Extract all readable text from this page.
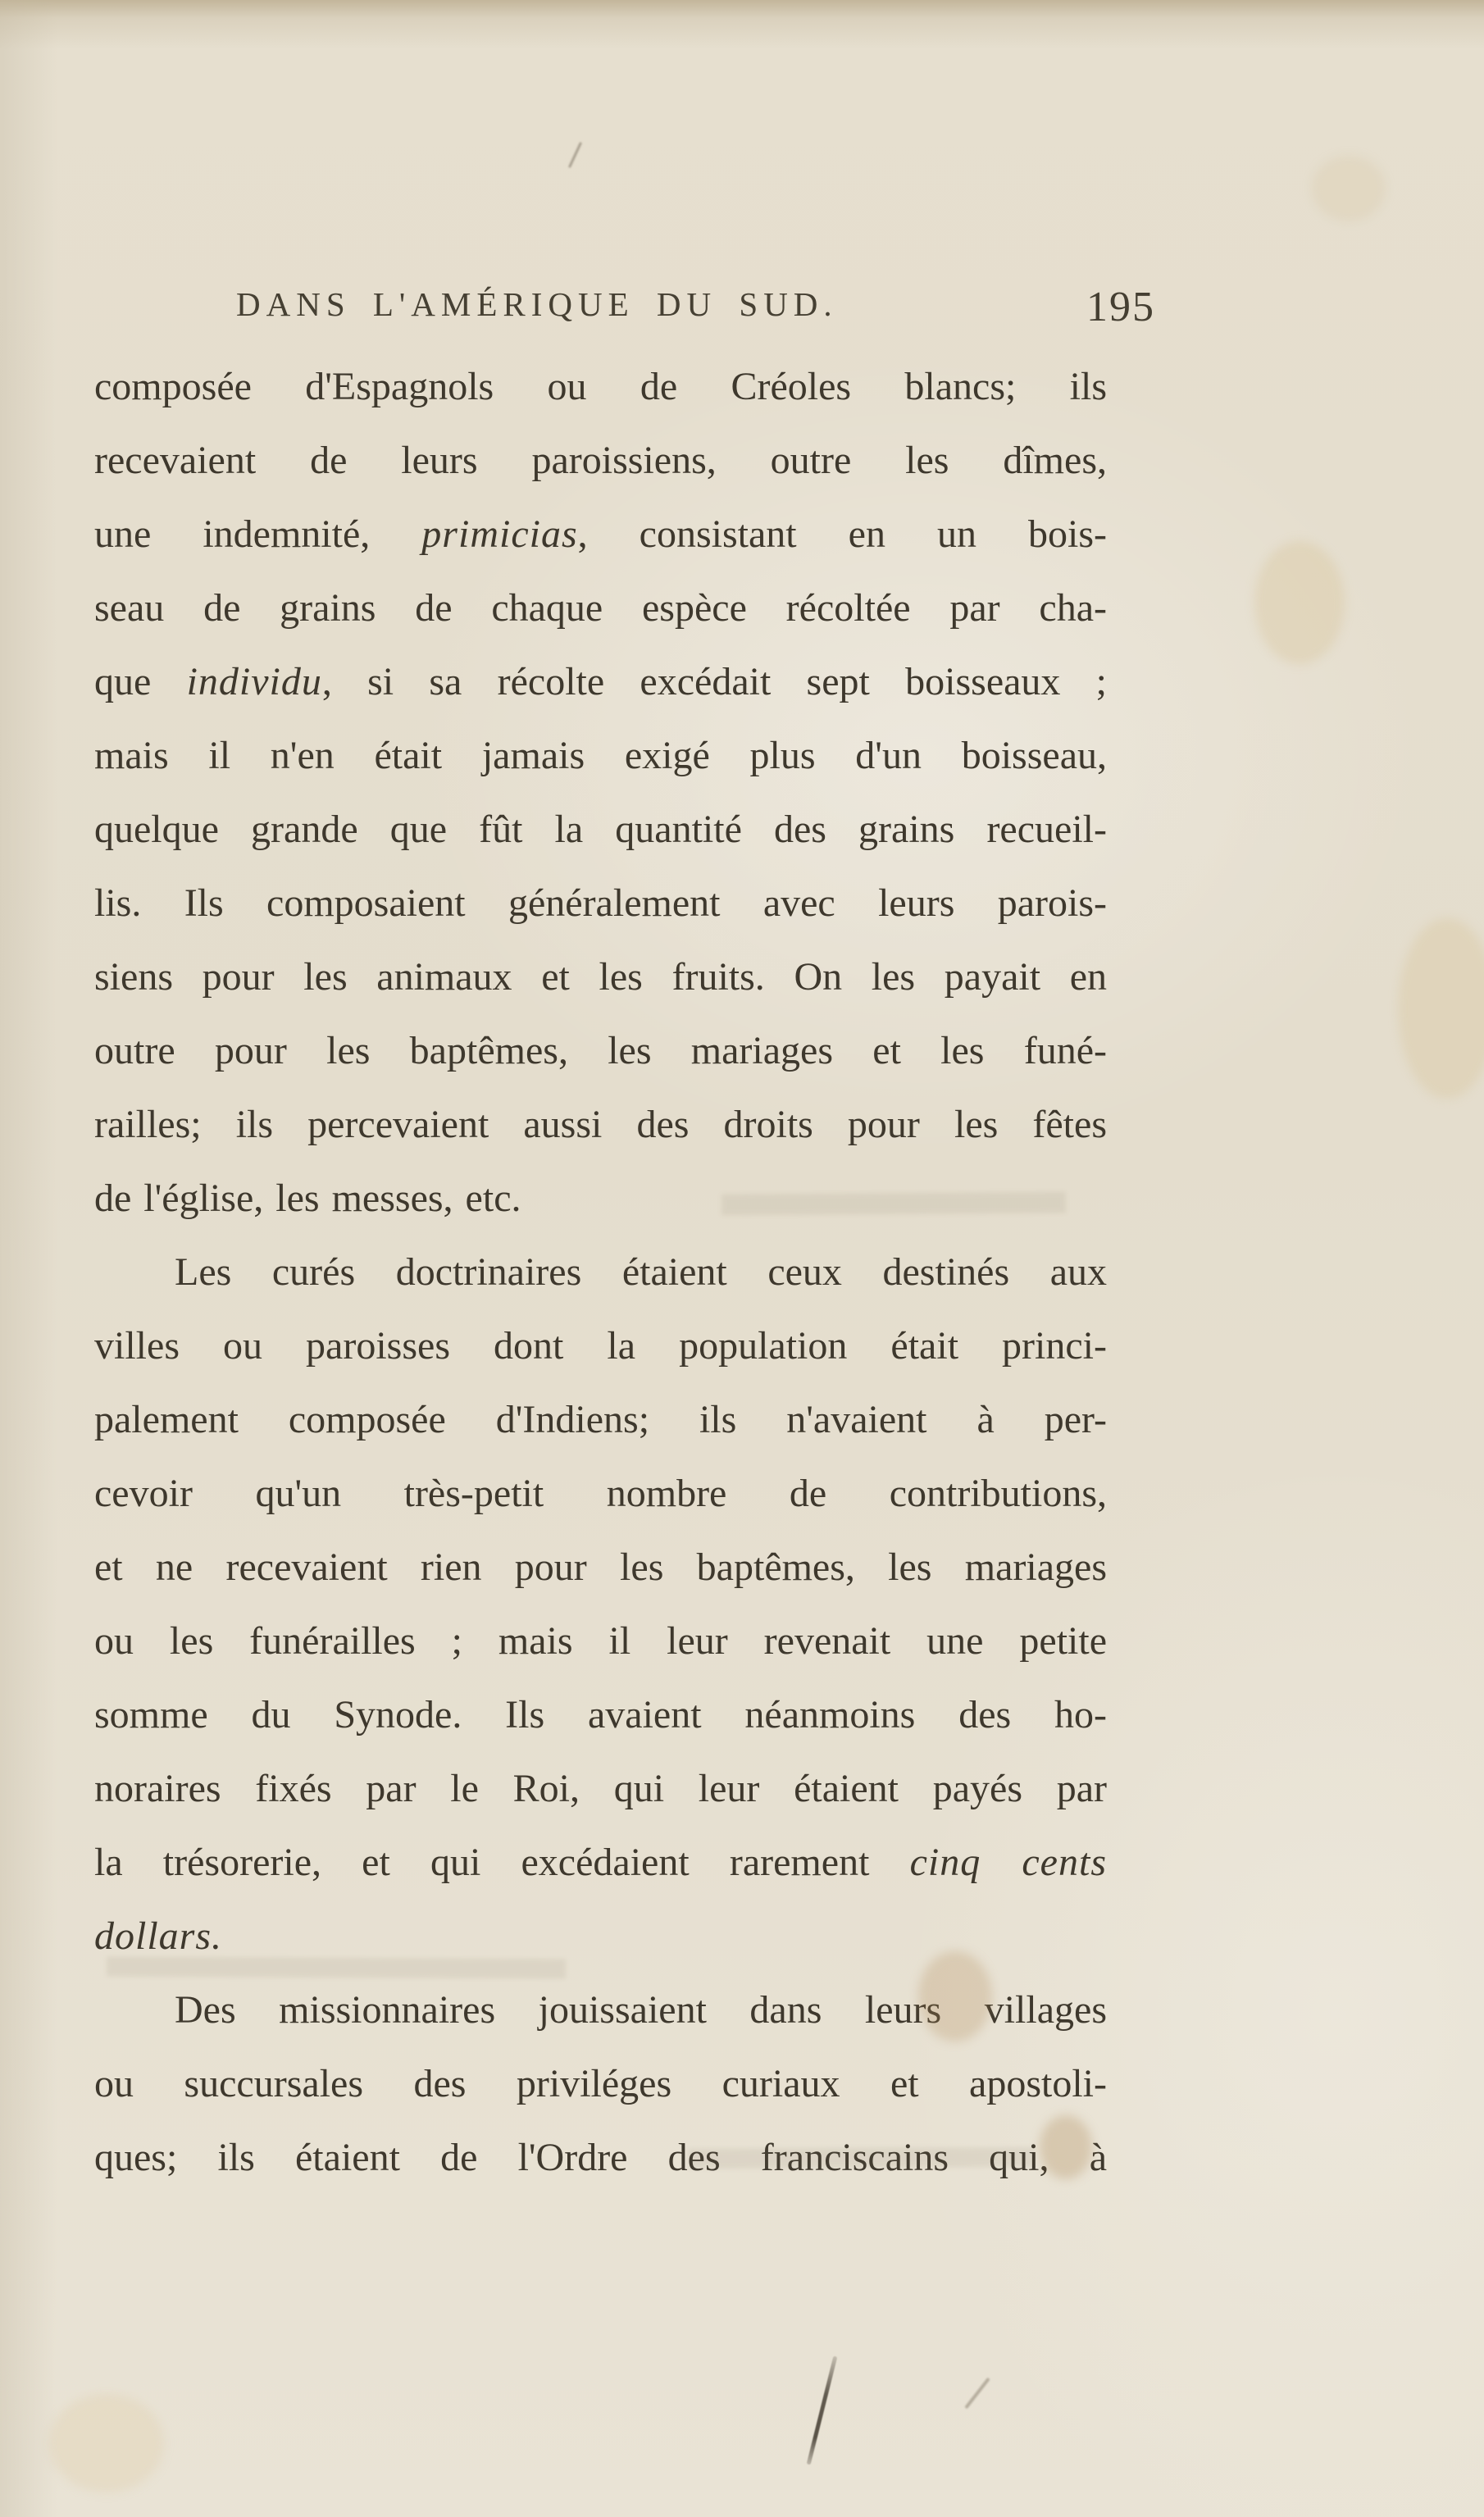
DANS L'AMÉRIQUE DU SUD.	195
composée d'Espagnols ou de Créoles blancs; ils
recevaient de leurs paroissiens, outre les dîmes,
une indemnité, primicias, consistant en un bois-
seau de grains de chaque espèce récoltée par cha-
que individu, si sa récolte excédait sept boisseaux ;
mais il n'en était jamais exigé plus d'un boisseau,
quelque grande que fût la quantité des grains recueil-
lis. Ils composaient généralement avec leurs parois-
siens pour les animaux et les fruits. On les payait en
outre pour les baptêmes, les mariages et les funé-
railles; ils percevaient aussi des droits pour les fêtes
de l'église, les messes, etc.
Les curés doctrinaires étaient ceux destinés aux
villes ou paroisses dont la population était princi-
palement composée d'Indiens; ils n'avaient à per-
cevoir qu'un très-petit nombre de contributions,
et ne recevaient rien pour les baptêmes, les mariages
ou les funérailles ; mais il leur revenait une petite
somme du Synode. Ils avaient néanmoins des ho-
noraires fixés par le Roi, qui leur étaient payés par
la trésorerie, et qui excédaient rarement cinq cents
dollars.
Des missionnaires jouissaient dans leurs villages
ou succursales des priviléges curiaux et apostoli-
ques; ils étaient de l'Ordre des franciscains qui, à
